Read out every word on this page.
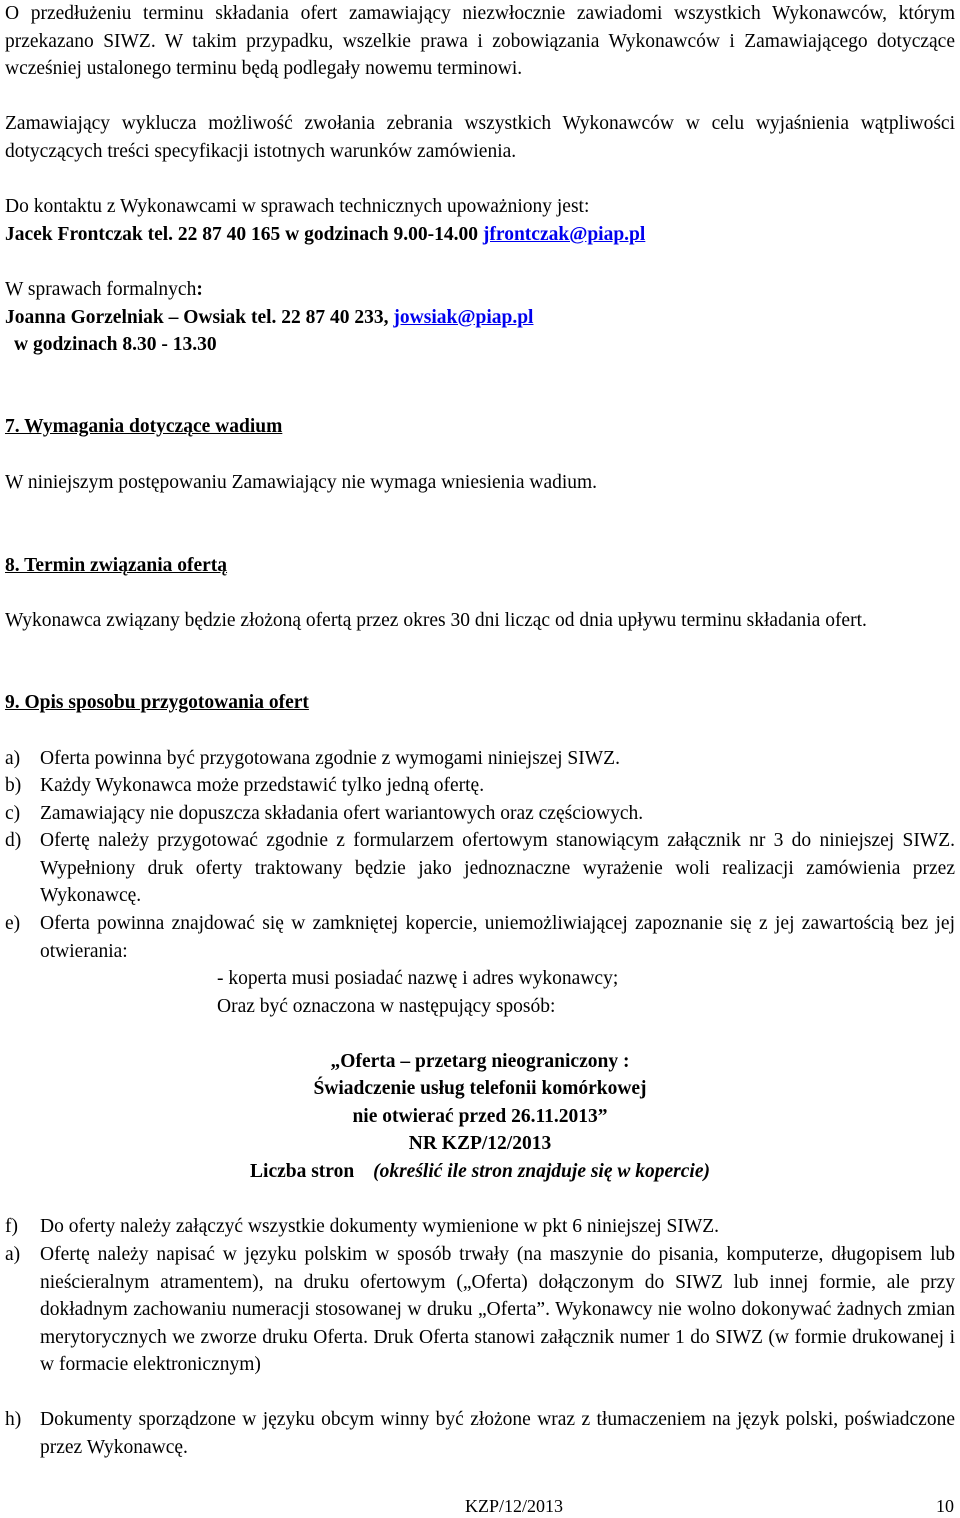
O przedłużeniu terminu składania ofert zamawiający niezwłocznie zawiadomi wszystkich Wykonawców, którym przekazano SIWZ. W takim przypadku, wszelkie prawa i zobowiązania Wykonawców i Zamawiającego dotyczące wcześniej ustalonego terminu będą podlegały nowemu terminowi.
Zamawiający wyklucza możliwość zwołania zebrania wszystkich Wykonawców w celu wyjaśnienia wątpliwości dotyczących treści specyfikacji istotnych warunków zamówienia.
Do kontaktu z Wykonawcami w sprawach technicznych upoważniony jest:
Jacek Frontczak tel. 22 87 40 165 w godzinach 9.00-14.00 jfrontczak@piap.pl
W sprawach formalnych:
Joanna Gorzelniak – Owsiak tel. 22 87 40 233, jowsiak@piap.pl
w godzinach 8.30 - 13.30
7. Wymagania dotyczące wadium
W niniejszym postępowaniu Zamawiający nie wymaga wniesienia wadium.
8. Termin związania ofertą
Wykonawca związany będzie złożoną ofertą przez okres 30 dni licząc od dnia upływu terminu składania ofert.
9. Opis sposobu przygotowania ofert
a) Oferta powinna być przygotowana zgodnie z wymogami niniejszej SIWZ.
b) Każdy Wykonawca może przedstawić tylko jedną ofertę.
c) Zamawiający nie dopuszcza składania ofert wariantowych oraz częściowych.
d) Ofertę należy przygotować zgodnie z formularzem ofertowym stanowiącym załącznik nr 3 do niniejszej SIWZ. Wypełniony druk oferty traktowany będzie jako jednoznaczne wyrażenie woli realizacji zamówienia przez Wykonawcę.
e) Oferta powinna znajdować się w zamkniętej kopercie, uniemożliwiającej zapoznanie się z jej zawartością bez jej otwierania:
- koperta musi posiadać nazwę i adres wykonawcy;
Oraz być oznaczona w następujący sposób:
„Oferta – przetarg nieograniczony :
Świadczenie usług telefonii komórkowej
nie otwierać przed 26.11.2013”
NR KZP/12/2013
Liczba stron (określić ile stron znajduje się w kopercie)
f) Do oferty należy załączyć wszystkie dokumenty wymienione w pkt 6 niniejszej SIWZ.
a) Ofertę należy napisać w języku polskim w sposób trwały (na maszynie do pisania, komputerze, długopisem lub nieścieralnym atramentem), na druku ofertowym („Oferta) dołączonym do SIWZ lub innej formie, ale przy dokładnym zachowaniu numeracji stosowanej w druku „Oferta”. Wykonawcy nie wolno dokonywać żadnych zmian merytorycznych we zworze druku Oferta. Druk Oferta stanowi załącznik numer 1 do SIWZ (w formie drukowanej i w formacie elektronicznym)
h) Dokumenty sporządzone w języku obcym winny być złożone wraz z tłumaczeniem na język polski, poświadczone przez Wykonawcę.
KZP/12/2013	10
